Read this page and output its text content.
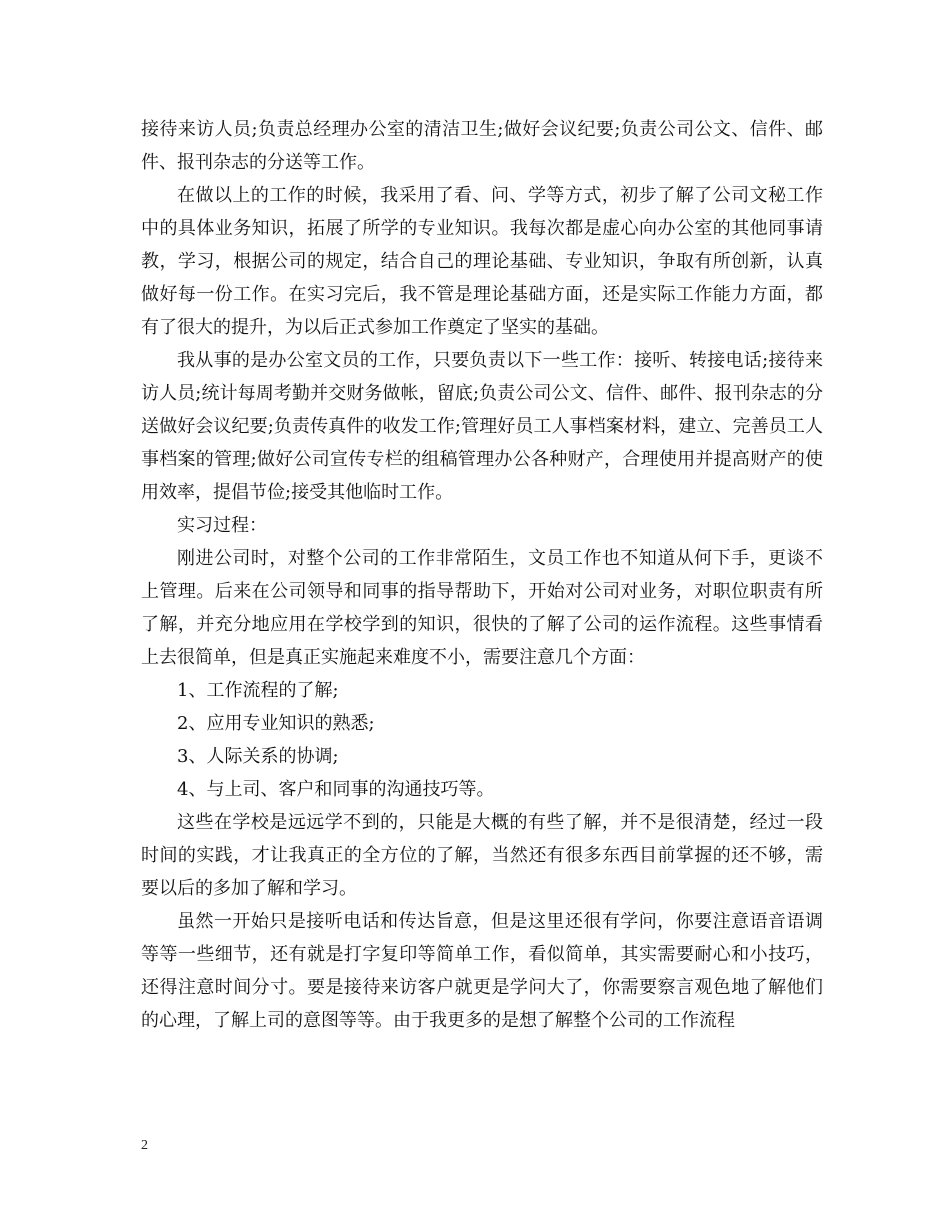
接待来访人员;负责总经理办公室的清洁卫生;做好会议纪要;负责公司公文、信件、邮件、报刊杂志的分送等工作。

在做以上的工作的时候，我采用了看、问、学等方式，初步了解了公司文秘工作中的具体业务知识，拓展了所学的专业知识。我每次都是虚心向办公室的其他同事请教，学习，根据公司的规定，结合自己的理论基础、专业知识，争取有所创新，认真做好每一份工作。在实习完后，我不管是理论基础方面，还是实际工作能力方面，都有了很大的提升，为以后正式参加工作奠定了坚实的基础。

我从事的是办公室文员的工作，只要负责以下一些工作：接听、转接电话;接待来访人员;统计每周考勤并交财务做帐，留底;负责公司公文、信件、邮件、报刊杂志的分送做好会议纪要;负责传真件的收发工作;管理好员工人事档案材料，建立、完善员工人事档案的管理;做好公司宣传专栏的组稿管理办公各种财产，合理使用并提高财产的使用效率，提倡节俭;接受其他临时工作。

实习过程：

刚进公司时，对整个公司的工作非常陌生，文员工作也不知道从何下手，更谈不上管理。后来在公司领导和同事的指导帮助下，开始对公司对业务，对职位职责有所了解，并充分地应用在学校学到的知识，很快的了解了公司的运作流程。这些事情看上去很简单，但是真正实施起来难度不小，需要注意几个方面：

1、工作流程的了解;

2、应用专业知识的熟悉;

3、人际关系的协调;

4、与上司、客户和同事的沟通技巧等。

这些在学校是远远学不到的，只能是大概的有些了解，并不是很清楚，经过一段时间的实践，才让我真正的全方位的了解，当然还有很多东西目前掌握的还不够，需要以后的多加了解和学习。

虽然一开始只是接听电话和传达旨意，但是这里还很有学问，你要注意语音语调等等一些细节，还有就是打字复印等简单工作，看似简单，其实需要耐心和小技巧，还得注意时间分寸。要是接待来访客户就更是学问大了，你需要察言观色地了解他们的心理，了解上司的意图等等。由于我更多的是想了解整个公司的工作流程

2
